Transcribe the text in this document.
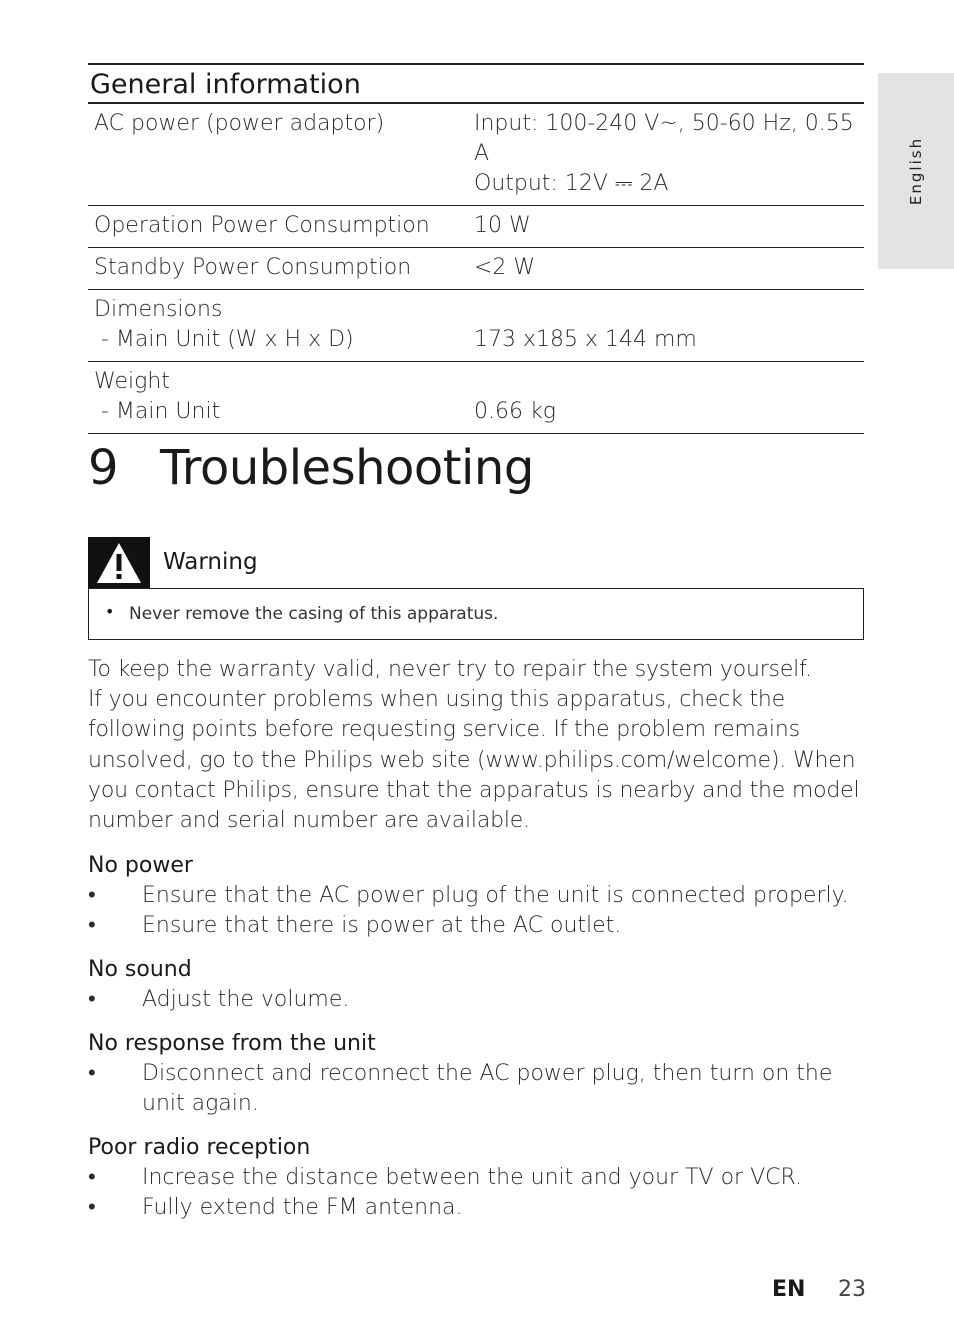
English
General information	

AC power (power adaptor)	Input: 100-240 V~, 50-60 Hz, 0.55 A
Output: 12V ⎓ 2A

Operation Power Consumption	10 W

Standby Power Consumption	<2 W

Dimensions
- Main Unit (W x H x D)	173 x185 x 144 mm

Weight
- Main Unit	0.66 kg
9 Troubleshooting
Warning
• Never remove the casing of this apparatus.

To keep the warranty valid, never try to repair the system yourself.

If you encounter problems when using this apparatus, check the following points before requesting service. If the problem remains unsolved, go to the Philips web site (www.philips.com/welcome). When you contact Philips, ensure that the apparatus is nearby and the model number and serial number are available.

No power
• Ensure that the AC power plug of the unit is connected properly.
• Ensure that there is power at the AC outlet.
No sound
• Adjust the volume.
No response from the unit
• Disconnect and reconnect the AC power plug, then turn on the unit again.
Poor radio reception
• Increase the distance between the unit and your TV or VCR.
• Fully extend the FM antenna.
EN 23
